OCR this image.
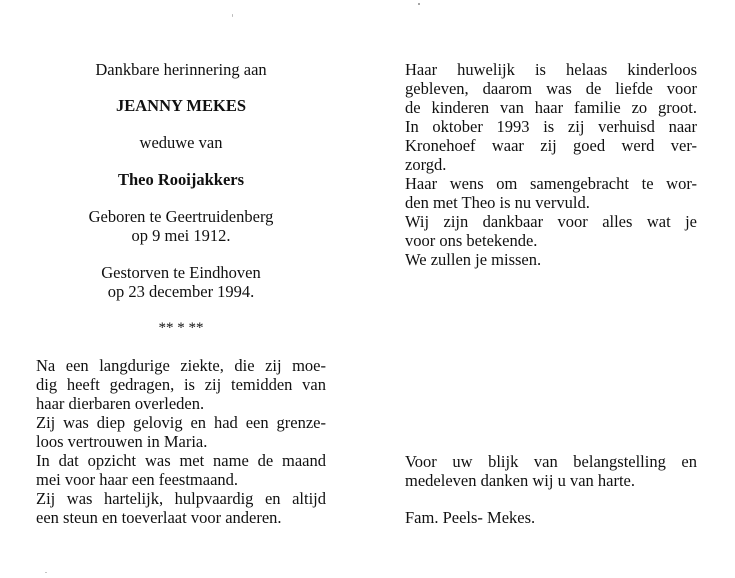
Dankbare herinnering aan
JEANNY MEKES
weduwe van
Theo Rooijakkers
Geboren te Geertruidenberg
op 9 mei 1912.
Gestorven te Eindhoven
op 23 december 1994.
** * **
Na een langdurige ziekte, die zij moe-
dig heeft gedragen, is zij temidden van
haar dierbaren overleden.
Zij was diep gelovig en had een grenze-
loos vertrouwen in Maria.
In dat opzicht was met name de maand
mei voor haar een feestmaand.
Zij was hartelijk, hulpvaardig en altijd
een steun en toeverlaat voor anderen.
Haar huwelijk is helaas kinderloos
gebleven, daarom was de liefde voor
de kinderen van haar familie zo groot.
In oktober 1993 is zij verhuisd naar
Kronehoef waar zij goed werd ver-
zorgd.
Haar wens om samengebracht te wor-
den met Theo is nu vervuld.
Wij zijn dankbaar voor alles wat je
voor ons betekende.
We zullen je missen.
Voor uw blijk van belangstelling en
medeleven danken wij u van harte.
Fam. Peels- Mekes.
